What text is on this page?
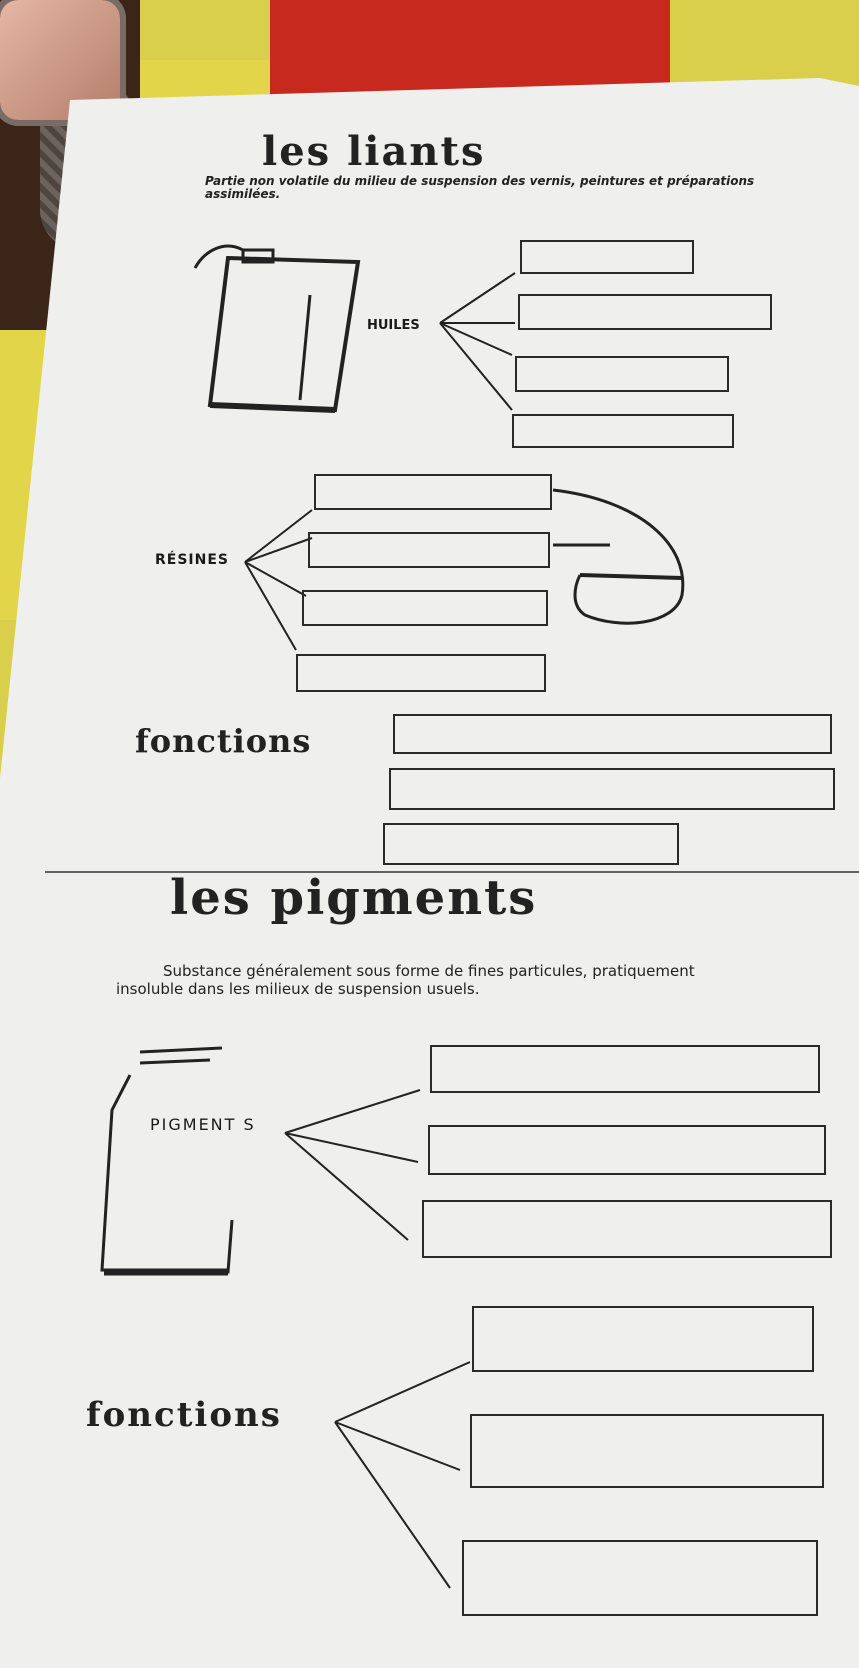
les liants
Partie non volatile du milieu de suspension des vernis, peintures et préparations assimilées.
HUILES
RÉSINES
fonctions
les pigments
Substance généralement sous forme de fines particules, pratiquement
insoluble dans les milieux de suspension usuels.
PIGMENT S
fonctions
